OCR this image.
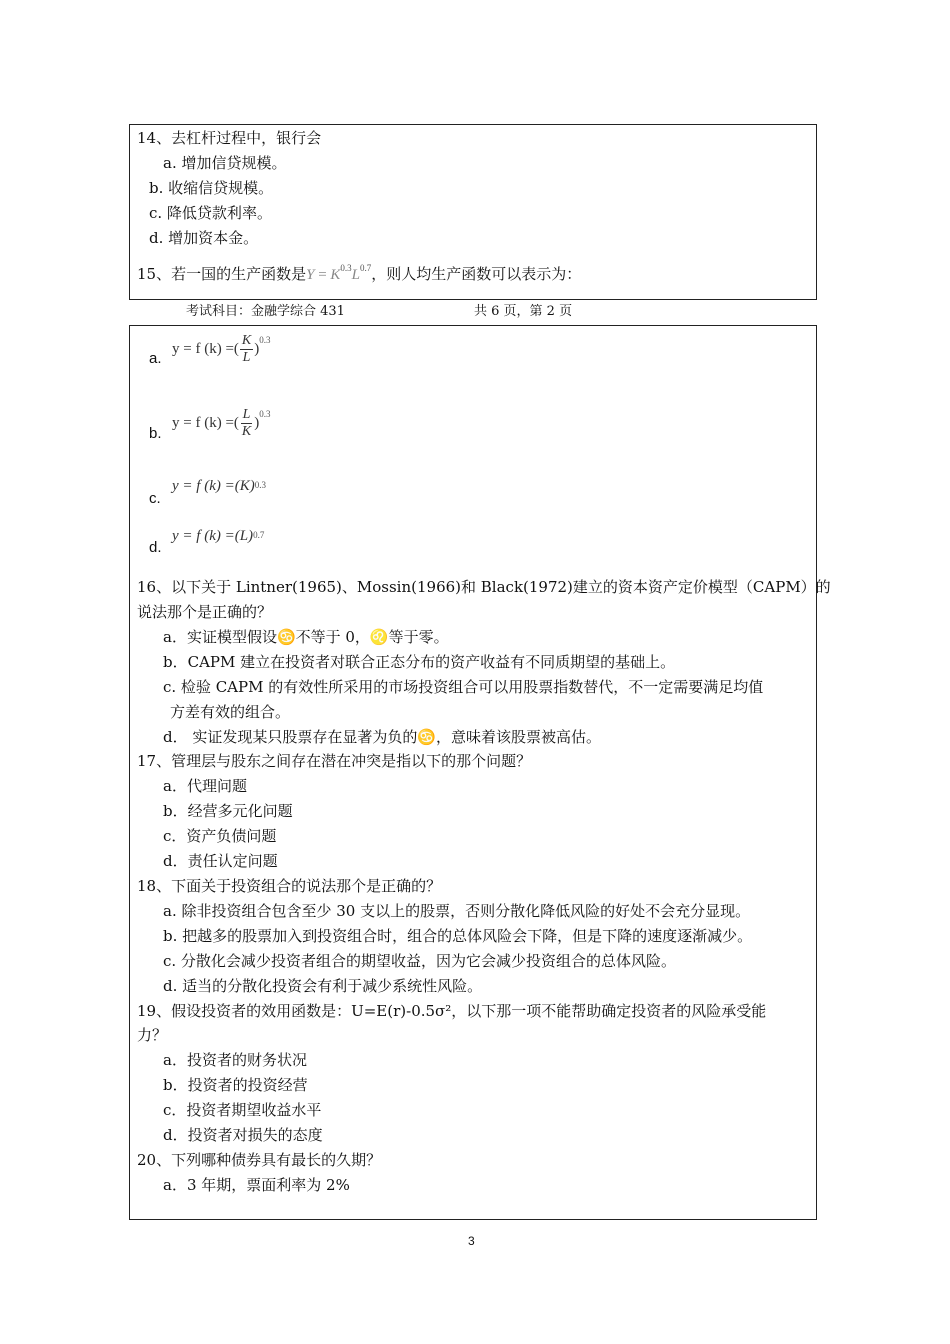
14、去杠杆过程中，银行会
a. 增加信贷规模。
b. 收缩信贷规模。
c. 降低贷款利率。
d. 增加资本金。
15、若一国的生产函数是$Y = K^{0.3}L^{0.7}$，则人均生产函数可以表示为：
考试科目：金融学综合 431	共 6 页，第 2 页
a.
y = f (k) =( $\frac{K}{L}$ )
0.3
b.
y = f (k) =( $\frac{L}{K}$ )
0.3
c.
y = f (k) =(K) 0.3
d.
y = f (k) =(L) 0.7
16、以下关于 Lintner(1965)、Mossin(1966)和 Black(1972)建立的资本资产定价模型（CAPM）的
说法那个是正确的？
a．实证模型假设♋不等于 0，♌等于零。
b．CAPM 建立在投资者对联合正态分布的资产收益有不同质期望的基础上。
c. 检验 CAPM 的有效性所采用的市场投资组合可以用股票指数替代，不一定需要满足均值
方差有效的组合。
d． 实证发现某只股票存在显著为负的♋，意味着该股票被高估。
17、管理层与股东之间存在潜在冲突是指以下的那个问题？
a．代理问题
b．经营多元化问题
c．资产负债问题
d．责任认定问题
18、下面关于投资组合的说法那个是正确的？
a. 除非投资组合包含至少 30 支以上的股票，否则分散化降低风险的好处不会充分显现。
b. 把越多的股票加入到投资组合时，组合的总体风险会下降，但是下降的速度逐渐减少。
c. 分散化会减少投资者组合的期望收益，因为它会减少投资组合的总体风险。
d. 适当的分散化投资会有利于减少系统性风险。
19、假设投资者的效用函数是：U=E(r)-0.5σ²，以下那一项不能帮助确定投资者的风险承受能
力？
a．投资者的财务状况
b．投资者的投资经营
c．投资者期望收益水平
d．投资者对损失的态度
20、下列哪种债券具有最长的久期？
a．3 年期，票面利率为 2%
3
